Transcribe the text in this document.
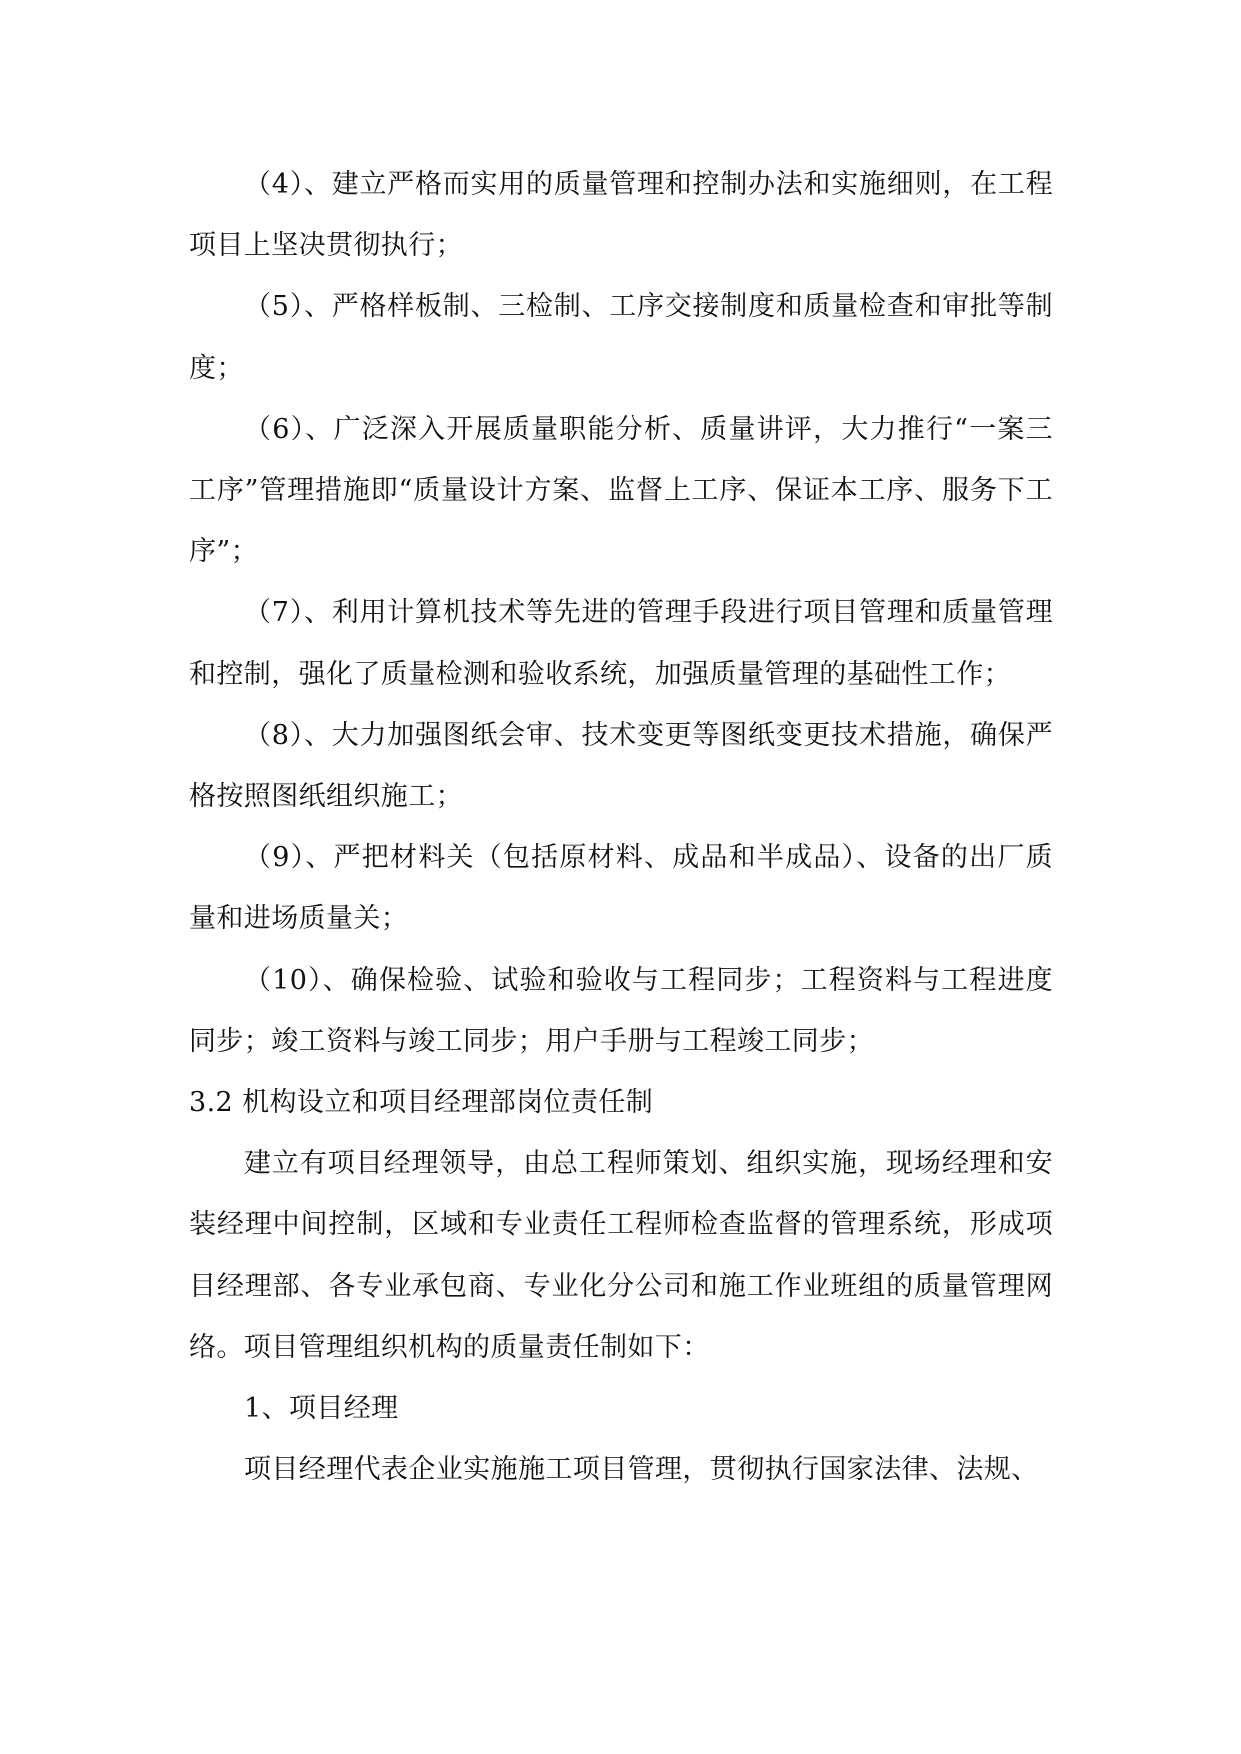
（4）、建立严格而实用的质量管理和控制办法和实施细则，在工程项目上坚决贯彻执行；

（5）、严格样板制、三检制、工序交接制度和质量检查和审批等制度；

（6）、广泛深入开展质量职能分析、质量讲评，大力推行“一案三工序”管理措施即“质量设计方案、监督上工序、保证本工序、服务下工序”；

（7）、利用计算机技术等先进的管理手段进行项目管理和质量管理和控制，强化了质量检测和验收系统，加强质量管理的基础性工作；

（8）、大力加强图纸会审、技术变更等图纸变更技术措施，确保严格按照图纸组织施工；

（9）、严把材料关（包括原材料、成品和半成品）、设备的出厂质量和进场质量关；

（10）、确保检验、试验和验收与工程同步；工程资料与工程进度同步；竣工资料与竣工同步；用户手册与工程竣工同步；

3.2 机构设立和项目经理部岗位责任制

建立有项目经理领导，由总工程师策划、组织实施，现场经理和安装经理中间控制，区域和专业责任工程师检查监督的管理系统，形成项目经理部、各专业承包商、专业化分公司和施工作业班组的质量管理网络。项目管理组织机构的质量责任制如下：

1、项目经理

项目经理代表企业实施施工项目管理，贯彻执行国家法律、法规、
